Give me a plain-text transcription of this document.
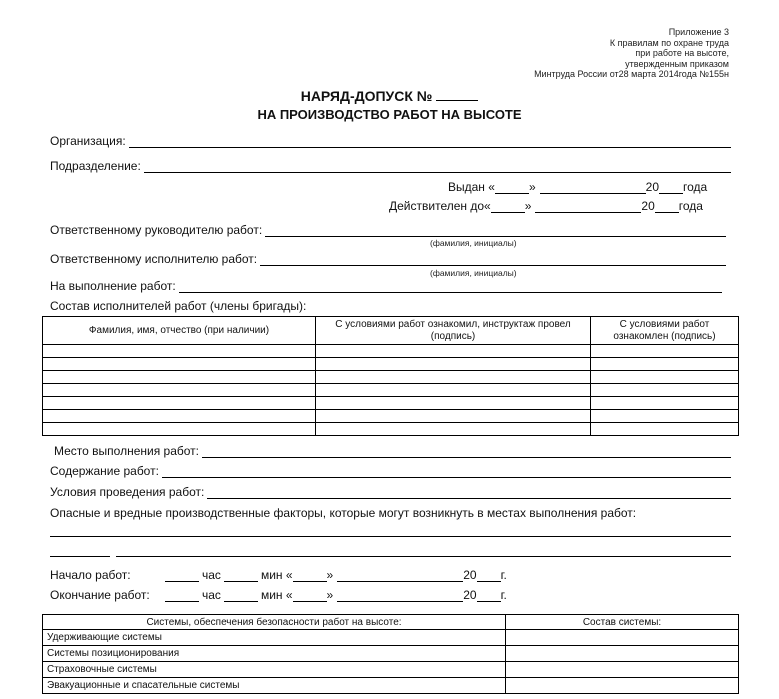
Приложение 3
К правилам по охране труда
при работе на высоте,
утвержденным приказом
Минтруда России от28 марта 2014года №155н
НАРЯД-ДОПУСК №
НА ПРОИЗВОДСТВО РАБОТ НА ВЫСОТЕ
Организация:
Подразделение:
Выдан «	»	20 года
Действителен до«	»	20 года
Ответственному руководителю работ:
(фамилия, инициалы)
Ответственному исполнителю работ:
(фамилия, инициалы)
На выполнение работ:
Состав исполнителей работ (члены бригады):
Фамилия, имя, отчество (при наличии)	С условиями работ ознакомил, инструктаж провел (подпись)	С условиями работ ознакомлен (подпись)

Место выполнения работ:
Содержание работ:
Условия проведения работ:
Опасные и вредные производственные факторы, которые могут возникнуть в местах выполнения работ:
Начало работ:	час	мин «	»	20 г.
Окончание работ:	час	мин «	»	20 г.
Системы, обеспечения безопасности работ на высоте:	Состав системы:
Удерживающие системы	
Системы позиционирования	
Страховочные системы	
Эвакуационные и спасательные системы	
